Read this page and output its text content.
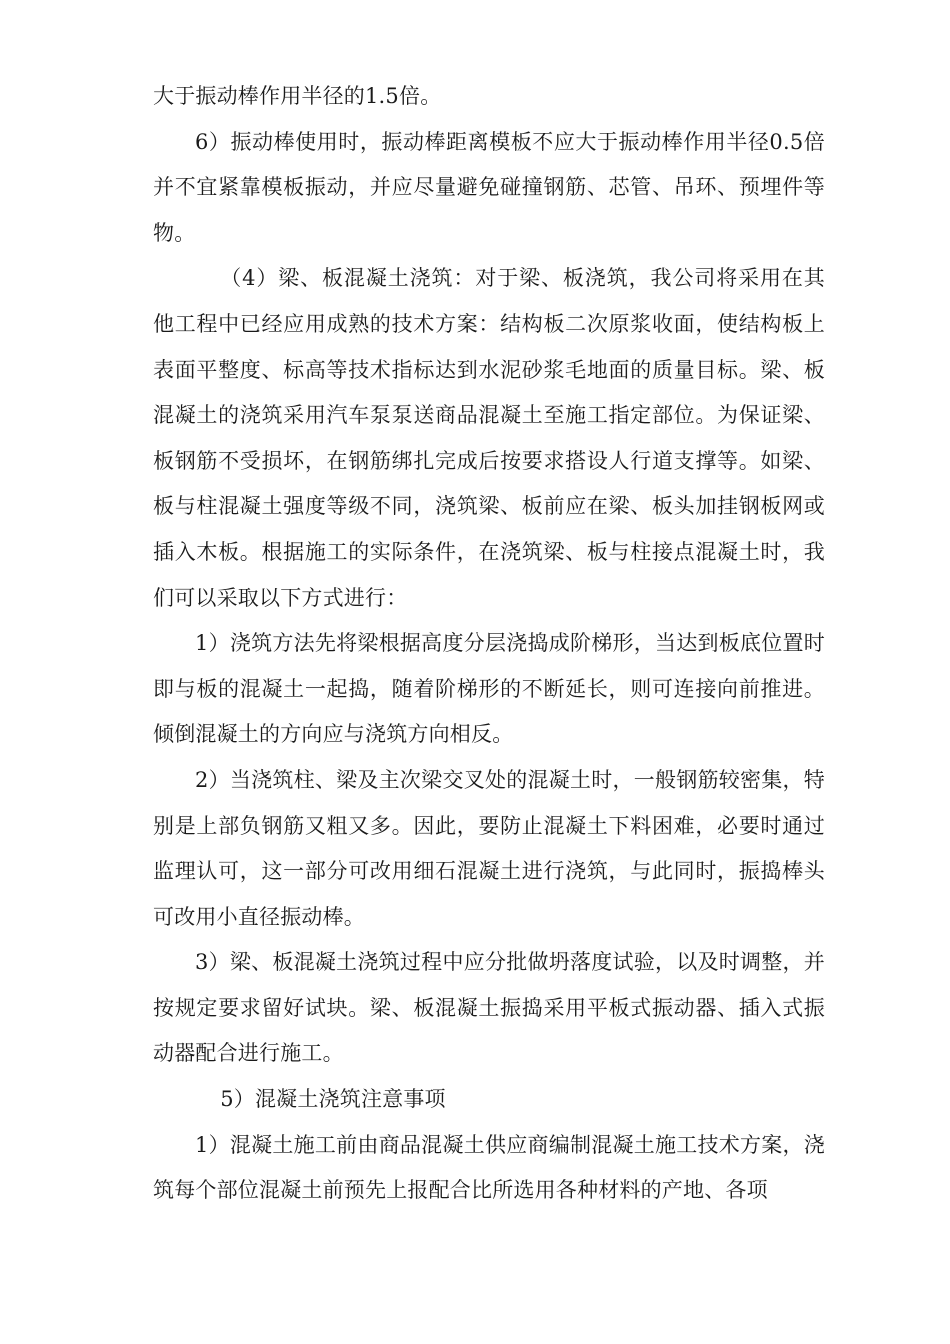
大于振动棒作用半径的1.5倍。

6）振动棒使用时，振动棒距离模板不应大于振动棒作用半径0.5倍并不宜紧靠模板振动，并应尽量避免碰撞钢筋、芯管、吊环、预埋件等物。

（4）梁、板混凝土浇筑：对于梁、板浇筑，我公司将采用在其他工程中已经应用成熟的技术方案：结构板二次原浆收面，使结构板上表面平整度、标高等技术指标达到水泥砂浆毛地面的质量目标。梁、板混凝土的浇筑采用汽车泵泵送商品混凝土至施工指定部位。为保证梁、板钢筋不受损坏，在钢筋绑扎完成后按要求搭设人行道支撑等。如梁、板与柱混凝土强度等级不同，浇筑梁、板前应在梁、板头加挂钢板网或插入木板。根据施工的实际条件，在浇筑梁、板与柱接点混凝土时，我们可以采取以下方式进行：

1）浇筑方法先将梁根据高度分层浇捣成阶梯形，当达到板底位置时即与板的混凝土一起捣，随着阶梯形的不断延长，则可连接向前推进。倾倒混凝土的方向应与浇筑方向相反。

2）当浇筑柱、梁及主次梁交叉处的混凝土时，一般钢筋较密集，特别是上部负钢筋又粗又多。因此，要防止混凝土下料困难，必要时通过监理认可，这一部分可改用细石混凝土进行浇筑，与此同时，振捣棒头可改用小直径振动棒。

3）梁、板混凝土浇筑过程中应分批做坍落度试验，以及时调整，并按规定要求留好试块。梁、板混凝土振捣采用平板式振动器、插入式振动器配合进行施工。

5）混凝土浇筑注意事项

1）混凝土施工前由商品混凝土供应商编制混凝土施工技术方案，浇筑每个部位混凝土前预先上报配合比所选用各种材料的产地、各项
